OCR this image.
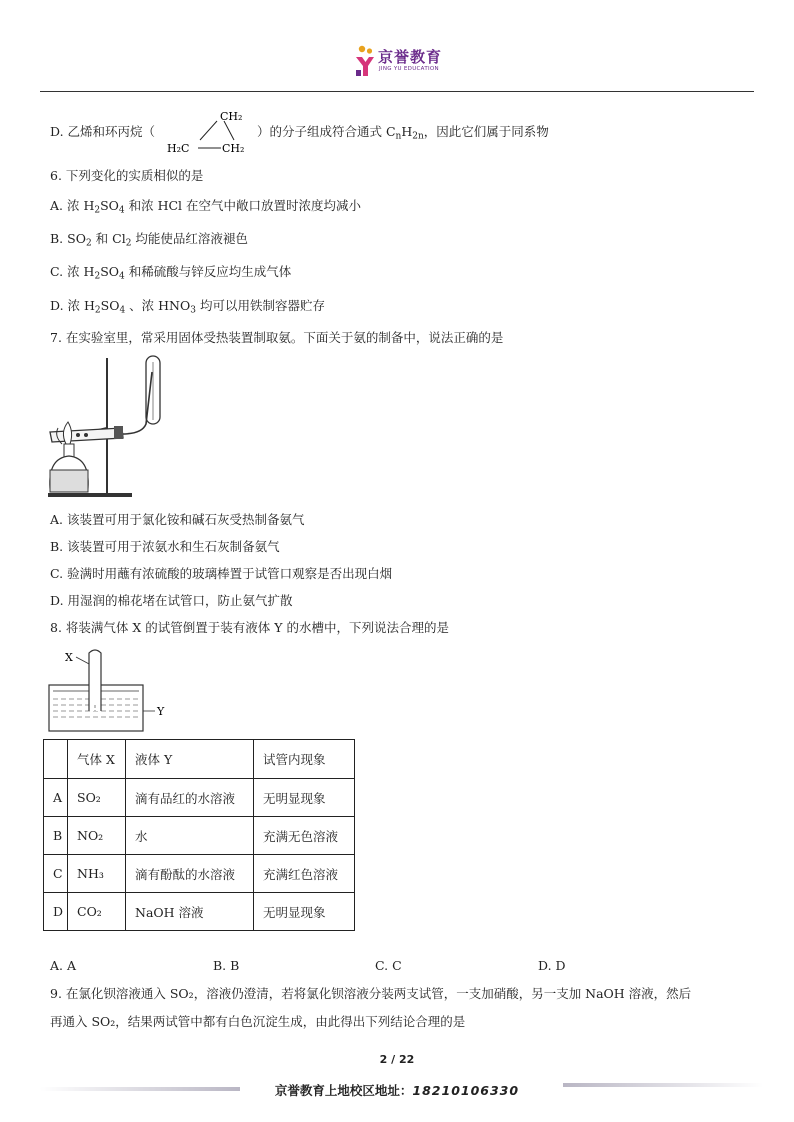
京誉教育
JING YU EDUCATION
D. 乙烯和环丙烷（
CH₂
H₂C	CH₂
）的分子组成符合通式 $C_nH_{2n}$，因此它们属于同系物
6. 下列变化的实质相似的是
A. 浓 $H_2SO_4$ 和浓 HCl 在空气中敞口放置时浓度均减小
B. $SO_2$ 和 $Cl_2$ 均能使品红溶液褪色
C. 浓 $H_2SO_4$ 和稀硫酸与锌反应均生成气体
D. 浓 $H_2SO_4$ 、浓 $HNO_3$ 均可以用铁制容器贮存
7. 在实验室里，常采用固体受热装置制取氨。下面关于氨的制备中，说法正确的是
A. 该装置可用于氯化铵和碱石灰受热制备氨气
B. 该装置可用于浓氨水和生石灰制备氨气
C. 验满时用蘸有浓硫酸的玻璃棒置于试管口观察是否出现白烟
D. 用湿润的棉花堵在试管口，防止氨气扩散
8. 将装满气体 X 的试管倒置于装有液体 Y 的水槽中，下列说法合理的是
X
Y
	气体 X	液体 Y	试管内现象
A	SO₂	滴有品红的水溶液	无明显现象
B	NO₂	水	充满无色溶液
C	NH₃	滴有酚酞的水溶液	充满红色溶液
D	CO₂	NaOH 溶液	无明显现象
A. A	B. B	C. C	D. D
9. 在氯化钡溶液通入 SO₂，溶液仍澄清，若将氯化钡溶液分装两支试管，一支加硝酸，另一支加 NaOH 溶液，然后
再通入 SO₂，结果两试管中都有白色沉淀生成，由此得出下列结论合理的是
2 / 22
京誉教育上地校区地址：18210106330
